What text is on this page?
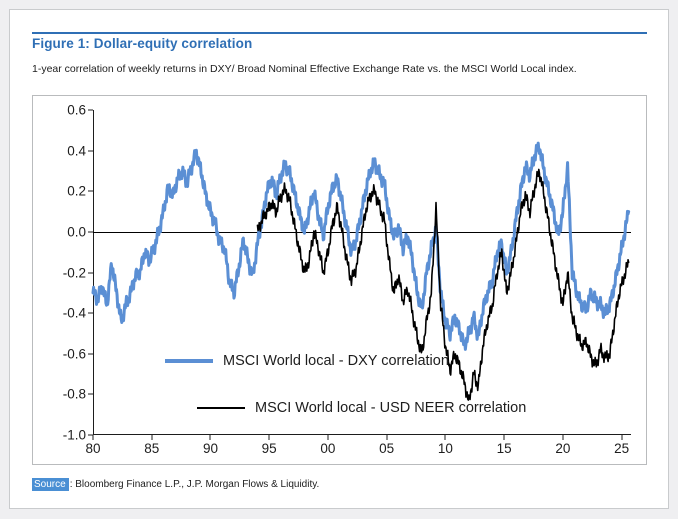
Figure 1: Dollar-equity correlation
1-year correlation of weekly returns in DXY/ Broad Nominal Effective Exchange Rate vs. the MSCI World Local index.
0.6
0.4
0.2
0.0
-0.2
-0.4
-0.6
-0.8
-1.0
80	85	90	95	00	05	10	15	20	25
MSCI World local - DXY correlation
MSCI World local - USD NEER correlation
Source : Bloomberg Finance L.P., J.P. Morgan Flows & Liquidity.
